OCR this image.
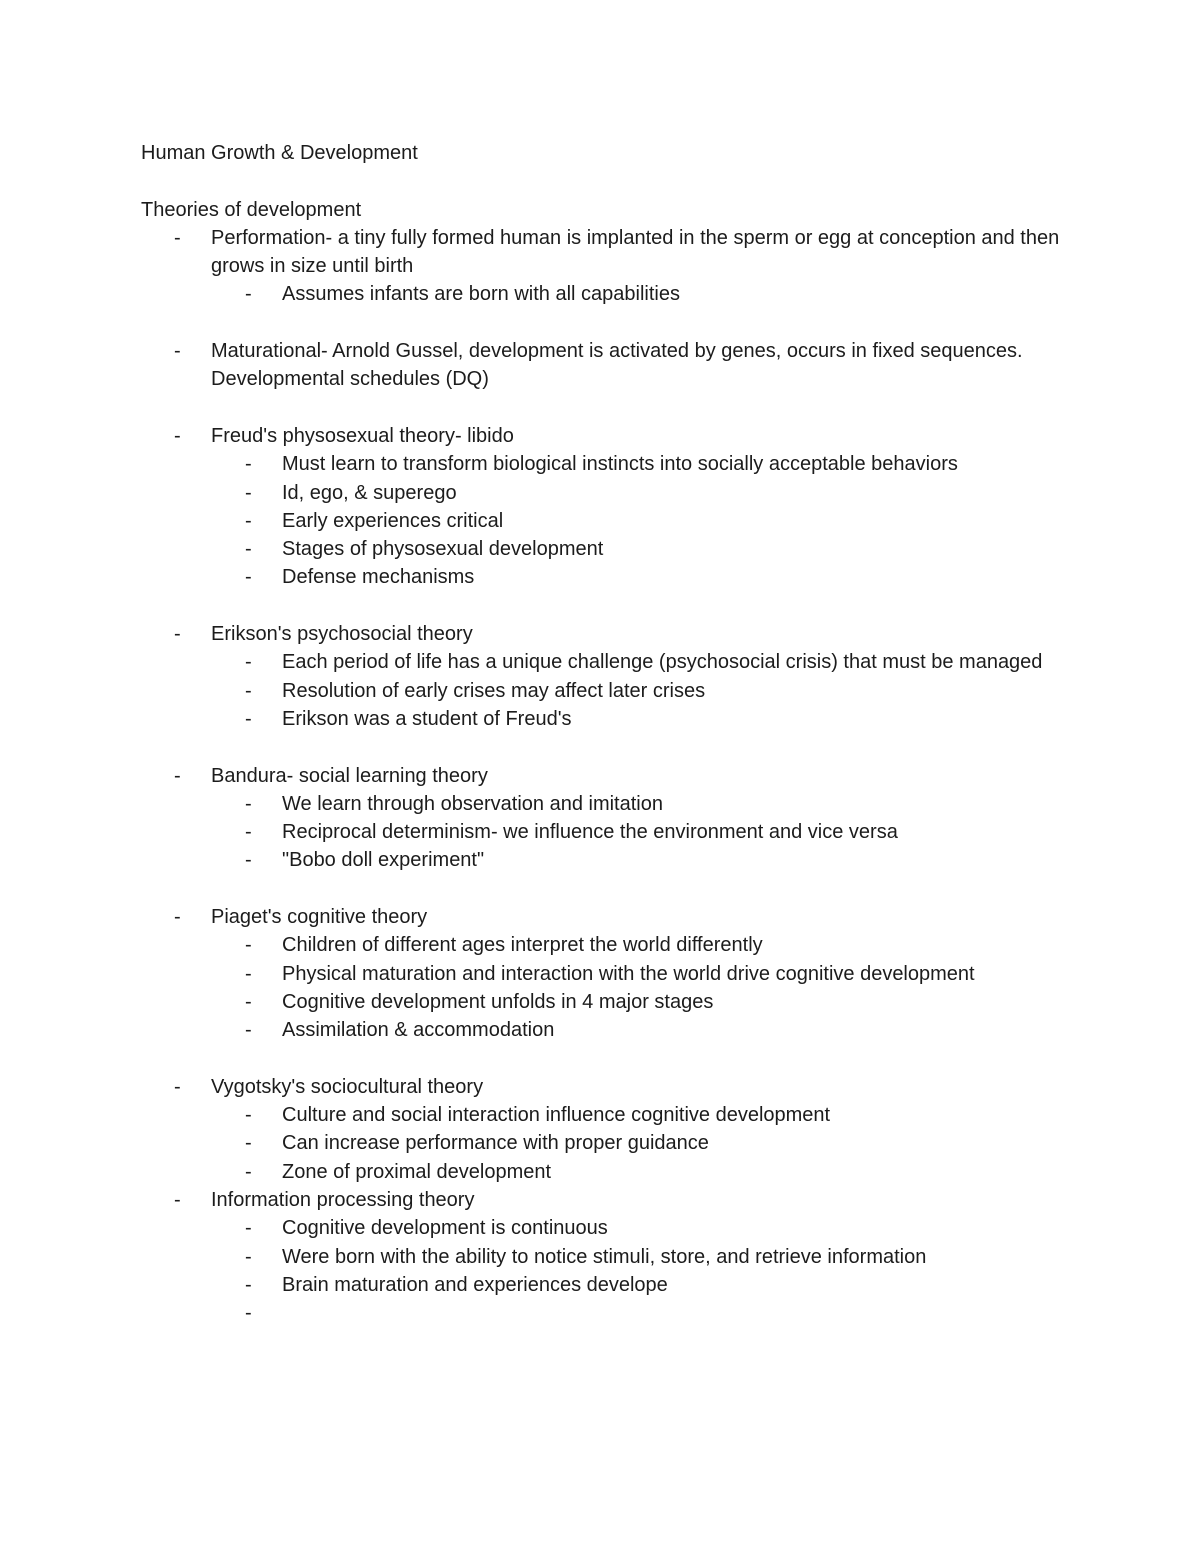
Human Growth & Development
Theories of development
- Performation- a tiny fully formed human is implanted in the sperm or egg at conception and then grows in size until birth
- Assumes infants are born with all capabilities
- Maturational- Arnold Gussel, development is activated by genes, occurs in fixed sequences. Developmental schedules (DQ)
- Freud's physosexual theory- libido
- Must learn to transform biological instincts into socially acceptable behaviors
- Id, ego, & superego
- Early experiences critical
- Stages of physosexual development
- Defense mechanisms
- Erikson's psychosocial theory
- Each period of life has a unique challenge (psychosocial crisis) that must be managed
- Resolution of early crises may affect later crises
- Erikson was a student of Freud's
- Bandura- social learning theory
- We learn through observation and imitation
- Reciprocal determinism- we influence the environment and vice versa
- "Bobo doll experiment"
- Piaget's cognitive theory
- Children of different ages interpret the world differently
- Physical maturation and interaction with the world drive cognitive development
- Cognitive development unfolds in 4 major stages
- Assimilation & accommodation
- Vygotsky's sociocultural theory
- Culture and social interaction influence cognitive development
- Can increase performance with proper guidance
- Zone of proximal development
- Information processing theory
- Cognitive development is continuous
- Were born with the ability to notice stimuli, store, and retrieve information
- Brain maturation and experiences develope
-
